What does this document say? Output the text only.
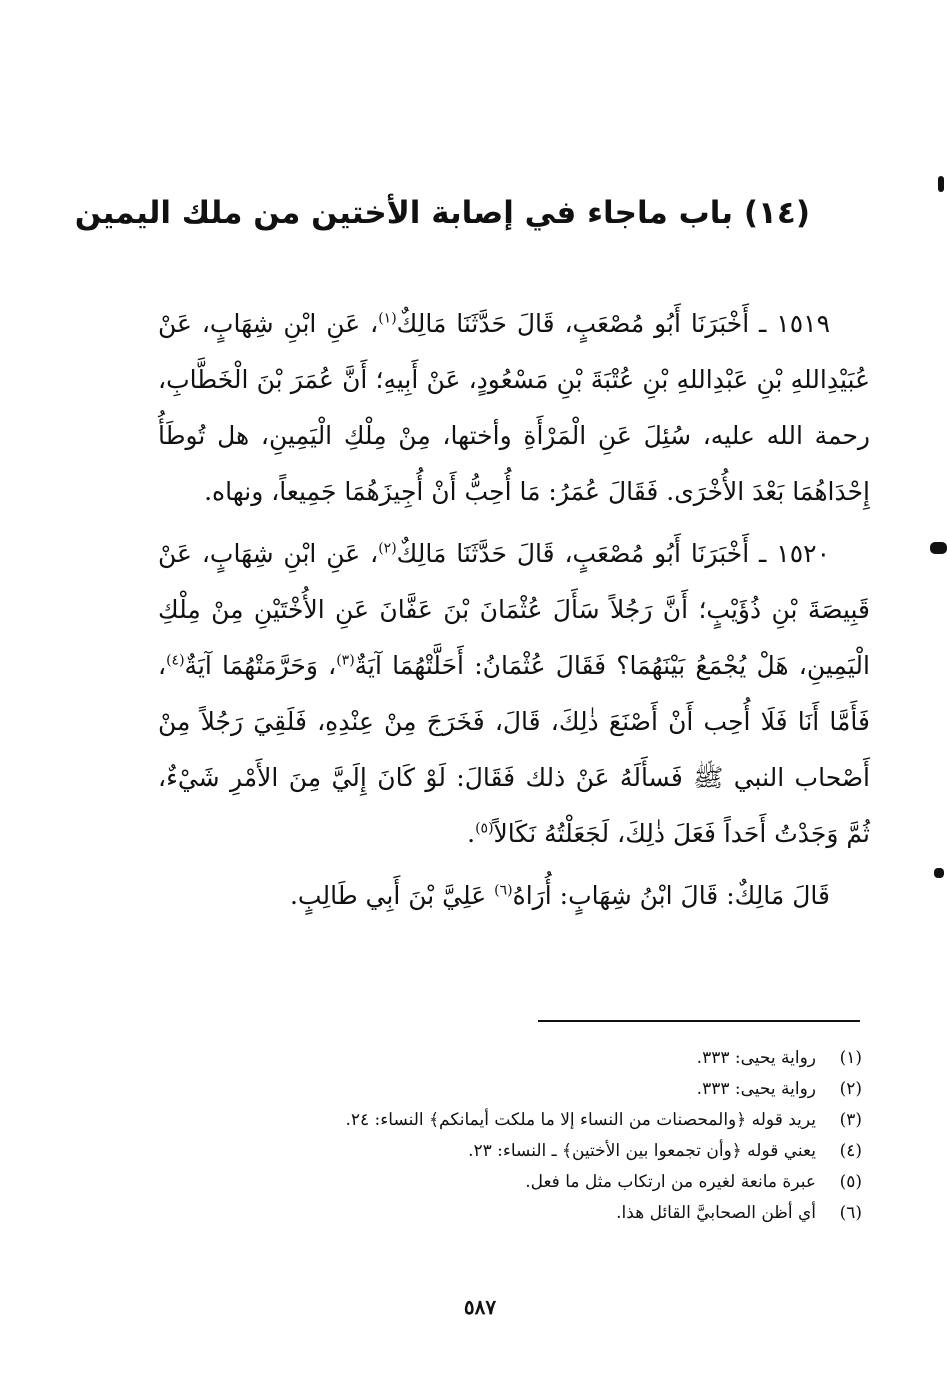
(١٤) باب ماجاء في إصابة الأختين من ملك اليمين

١٥١٩ ـ أَخْبَرَنَا أَبُو مُصْعَبٍ، قَالَ حَدَّثَنَا مَالِكٌ$^{(١)}$، عَنِ ابْنِ شِهَابٍ، عَنْ عُبَيْدِاللهِ بْنِ عَبْدِاللهِ بْنِ عُتْبَةَ بْنِ مَسْعُودٍ، عَنْ أَبِيهِ؛ أَنَّ عُمَرَ بْنَ الْخَطَّابِ، رحمة الله عليه، سُئِلَ عَنِ الْمَرْأَةِ وأختها، مِنْ مِلْكِ الْيَمِينِ، هل تُوطَأُ إِحْدَاهُمَا بَعْدَ الأُخْرَى. فَقَالَ عُمَرُ: مَا أُحِبُّ أَنْ أُجِيزَهُمَا جَمِيعاً، ونهاه.

١٥٢٠ ـ أَخْبَرَنَا أَبُو مُصْعَبٍ، قَالَ حَدَّثَنَا مَالِكٌ$^{(٢)}$، عَنِ ابْنِ شِهَابٍ، عَنْ قَبِيصَةَ بْنِ ذُؤَيْبٍ؛ أَنَّ رَجُلاً سَأَلَ عُثْمَانَ بْنَ عَفَّانَ عَنِ الأُخْتَيْنِ مِنْ مِلْكِ الْيَمِينِ، هَلْ يُجْمَعُ بَيْنَهُمَا؟ فَقَالَ عُثْمَانُ: أَحَلَّتْهُمَا آيَةٌ$^{(٣)}$، وَحَرَّمَتْهُمَا آيَةٌ$^{(٤)}$، فَأَمَّا أَنَا فَلَا أُحِب أَنْ أَصْنَعَ ذٰلِكَ، قَالَ، فَخَرَجَ مِنْ عِنْدِهِ، فَلَقِيَ رَجُلاً مِنْ أَصْحاب النبي ﷺ فَسأَلَهُ عَنْ ذلك فَقَالَ: لَوْ كَانَ إِلَيَّ مِنَ الأَمْرِ شَيْءٌ، ثُمَّ وَجَدْتُ أَحَداً فَعَلَ ذٰلِكَ، لَجَعَلْتُهُ نَكَالاً$^{(٥)}$.

قَالَ مَالِكٌ: قَالَ ابْنُ شِهَابٍ: أُرَاهُ$^{(٦)}$ عَلِيَّ بْنَ أَبِي طَالِبٍ.

(١)
رواية يحيى: ٣٣٣.
(٢)
رواية يحيى: ٣٣٣.
(٣)
يريد قوله ﴿والمحصنات من النساء إلا ما ملكت أيمانكم﴾ النساء: ٢٤.
(٤)
يعني قوله ﴿وأن تجمعوا بين الأختين﴾ ـ النساء: ٢٣.
(٥)
عبرة مانعة لغيره من ارتكاب مثل ما فعل.
(٦)
أي أظن الصحابيَّ القائل هذا.
٥٨٧
